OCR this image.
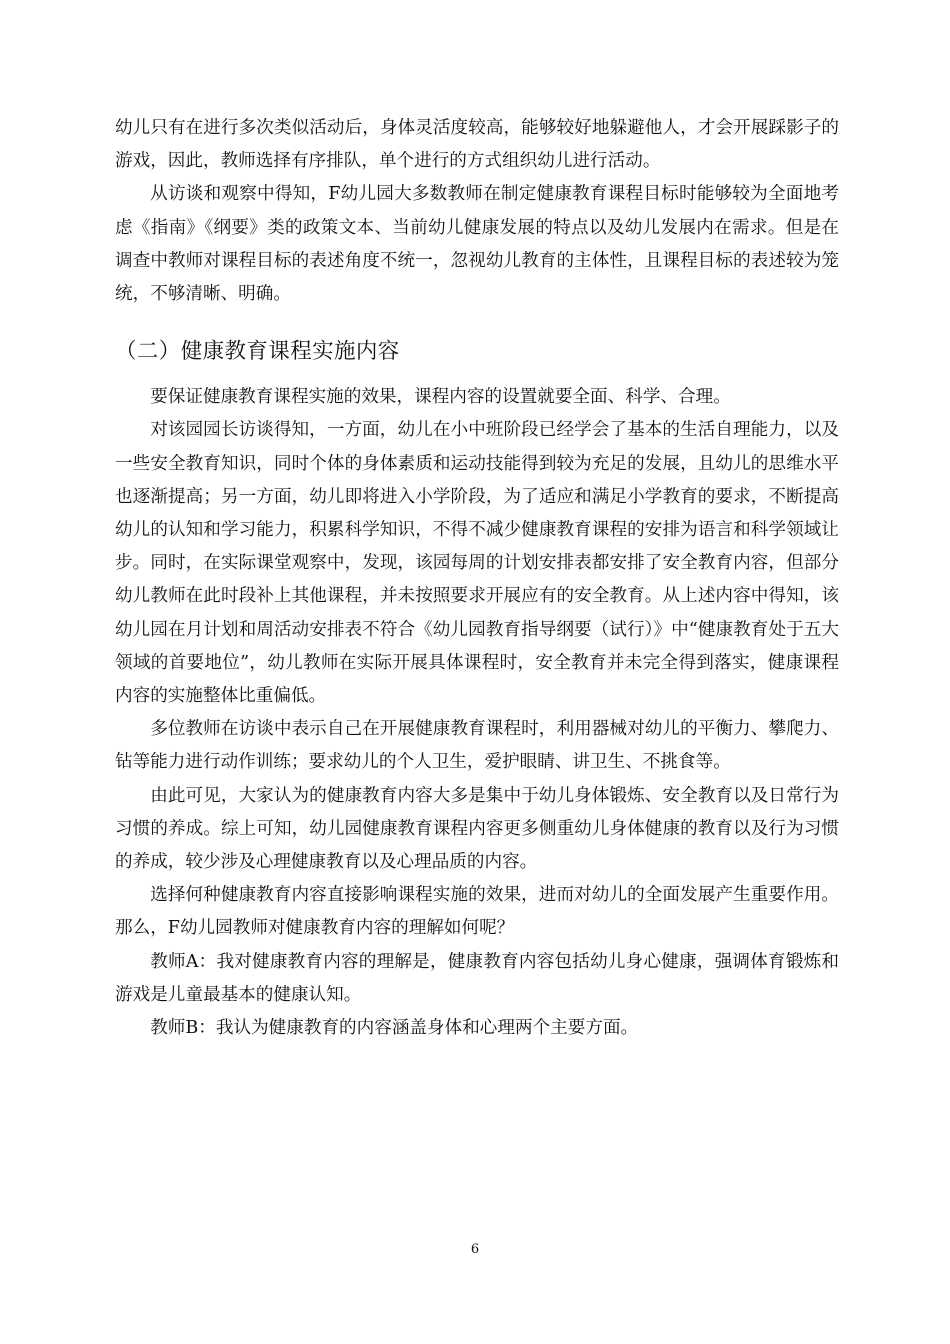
幼儿只有在进行多次类似活动后，身体灵活度较高，能够较好地躲避他人，才会开展踩影子的游戏，因此，教师选择有序排队，单个进行的方式组织幼儿进行活动。

从访谈和观察中得知，F幼儿园大多数教师在制定健康教育课程目标时能够较为全面地考虑《指南》《纲要》类的政策文本、当前幼儿健康发展的特点以及幼儿发展内在需求。但是在调查中教师对课程目标的表述角度不统一，忽视幼儿教育的主体性，且课程目标的表述较为笼统，不够清晰、明确。

（二）健康教育课程实施内容

要保证健康教育课程实施的效果，课程内容的设置就要全面、科学、合理。

对该园园长访谈得知，一方面，幼儿在小中班阶段已经学会了基本的生活自理能力，以及一些安全教育知识，同时个体的身体素质和运动技能得到较为充足的发展，且幼儿的思维水平也逐渐提高；另一方面，幼儿即将进入小学阶段，为了适应和满足小学教育的要求，不断提高幼儿的认知和学习能力，积累科学知识，不得不减少健康教育课程的安排为语言和科学领域让步。同时，在实际课堂观察中，发现，该园每周的计划安排表都安排了安全教育内容，但部分幼儿教师在此时段补上其他课程，并未按照要求开展应有的安全教育。从上述内容中得知，该幼儿园在月计划和周活动安排表不符合《幼儿园教育指导纲要（试行）》中“健康教育处于五大领域的首要地位”，幼儿教师在实际开展具体课程时，安全教育并未完全得到落实，健康课程内容的实施整体比重偏低。

多位教师在访谈中表示自己在开展健康教育课程时，利用器械对幼儿的平衡力、攀爬力、钻等能力进行动作训练；要求幼儿的个人卫生，爱护眼睛、讲卫生、不挑食等。

由此可见，大家认为的健康教育内容大多是集中于幼儿身体锻炼、安全教育以及日常行为习惯的养成。综上可知，幼儿园健康教育课程内容更多侧重幼儿身体健康的教育以及行为习惯的养成，较少涉及心理健康教育以及心理品质的内容。

选择何种健康教育内容直接影响课程实施的效果，进而对幼儿的全面发展产生重要作用。那么，F幼儿园教师对健康教育内容的理解如何呢？

教师A：我对健康教育内容的理解是，健康教育内容包括幼儿身心健康，强调体育锻炼和游戏是儿童最基本的健康认知。

教师B：我认为健康教育的内容涵盖身体和心理两个主要方面。

6
